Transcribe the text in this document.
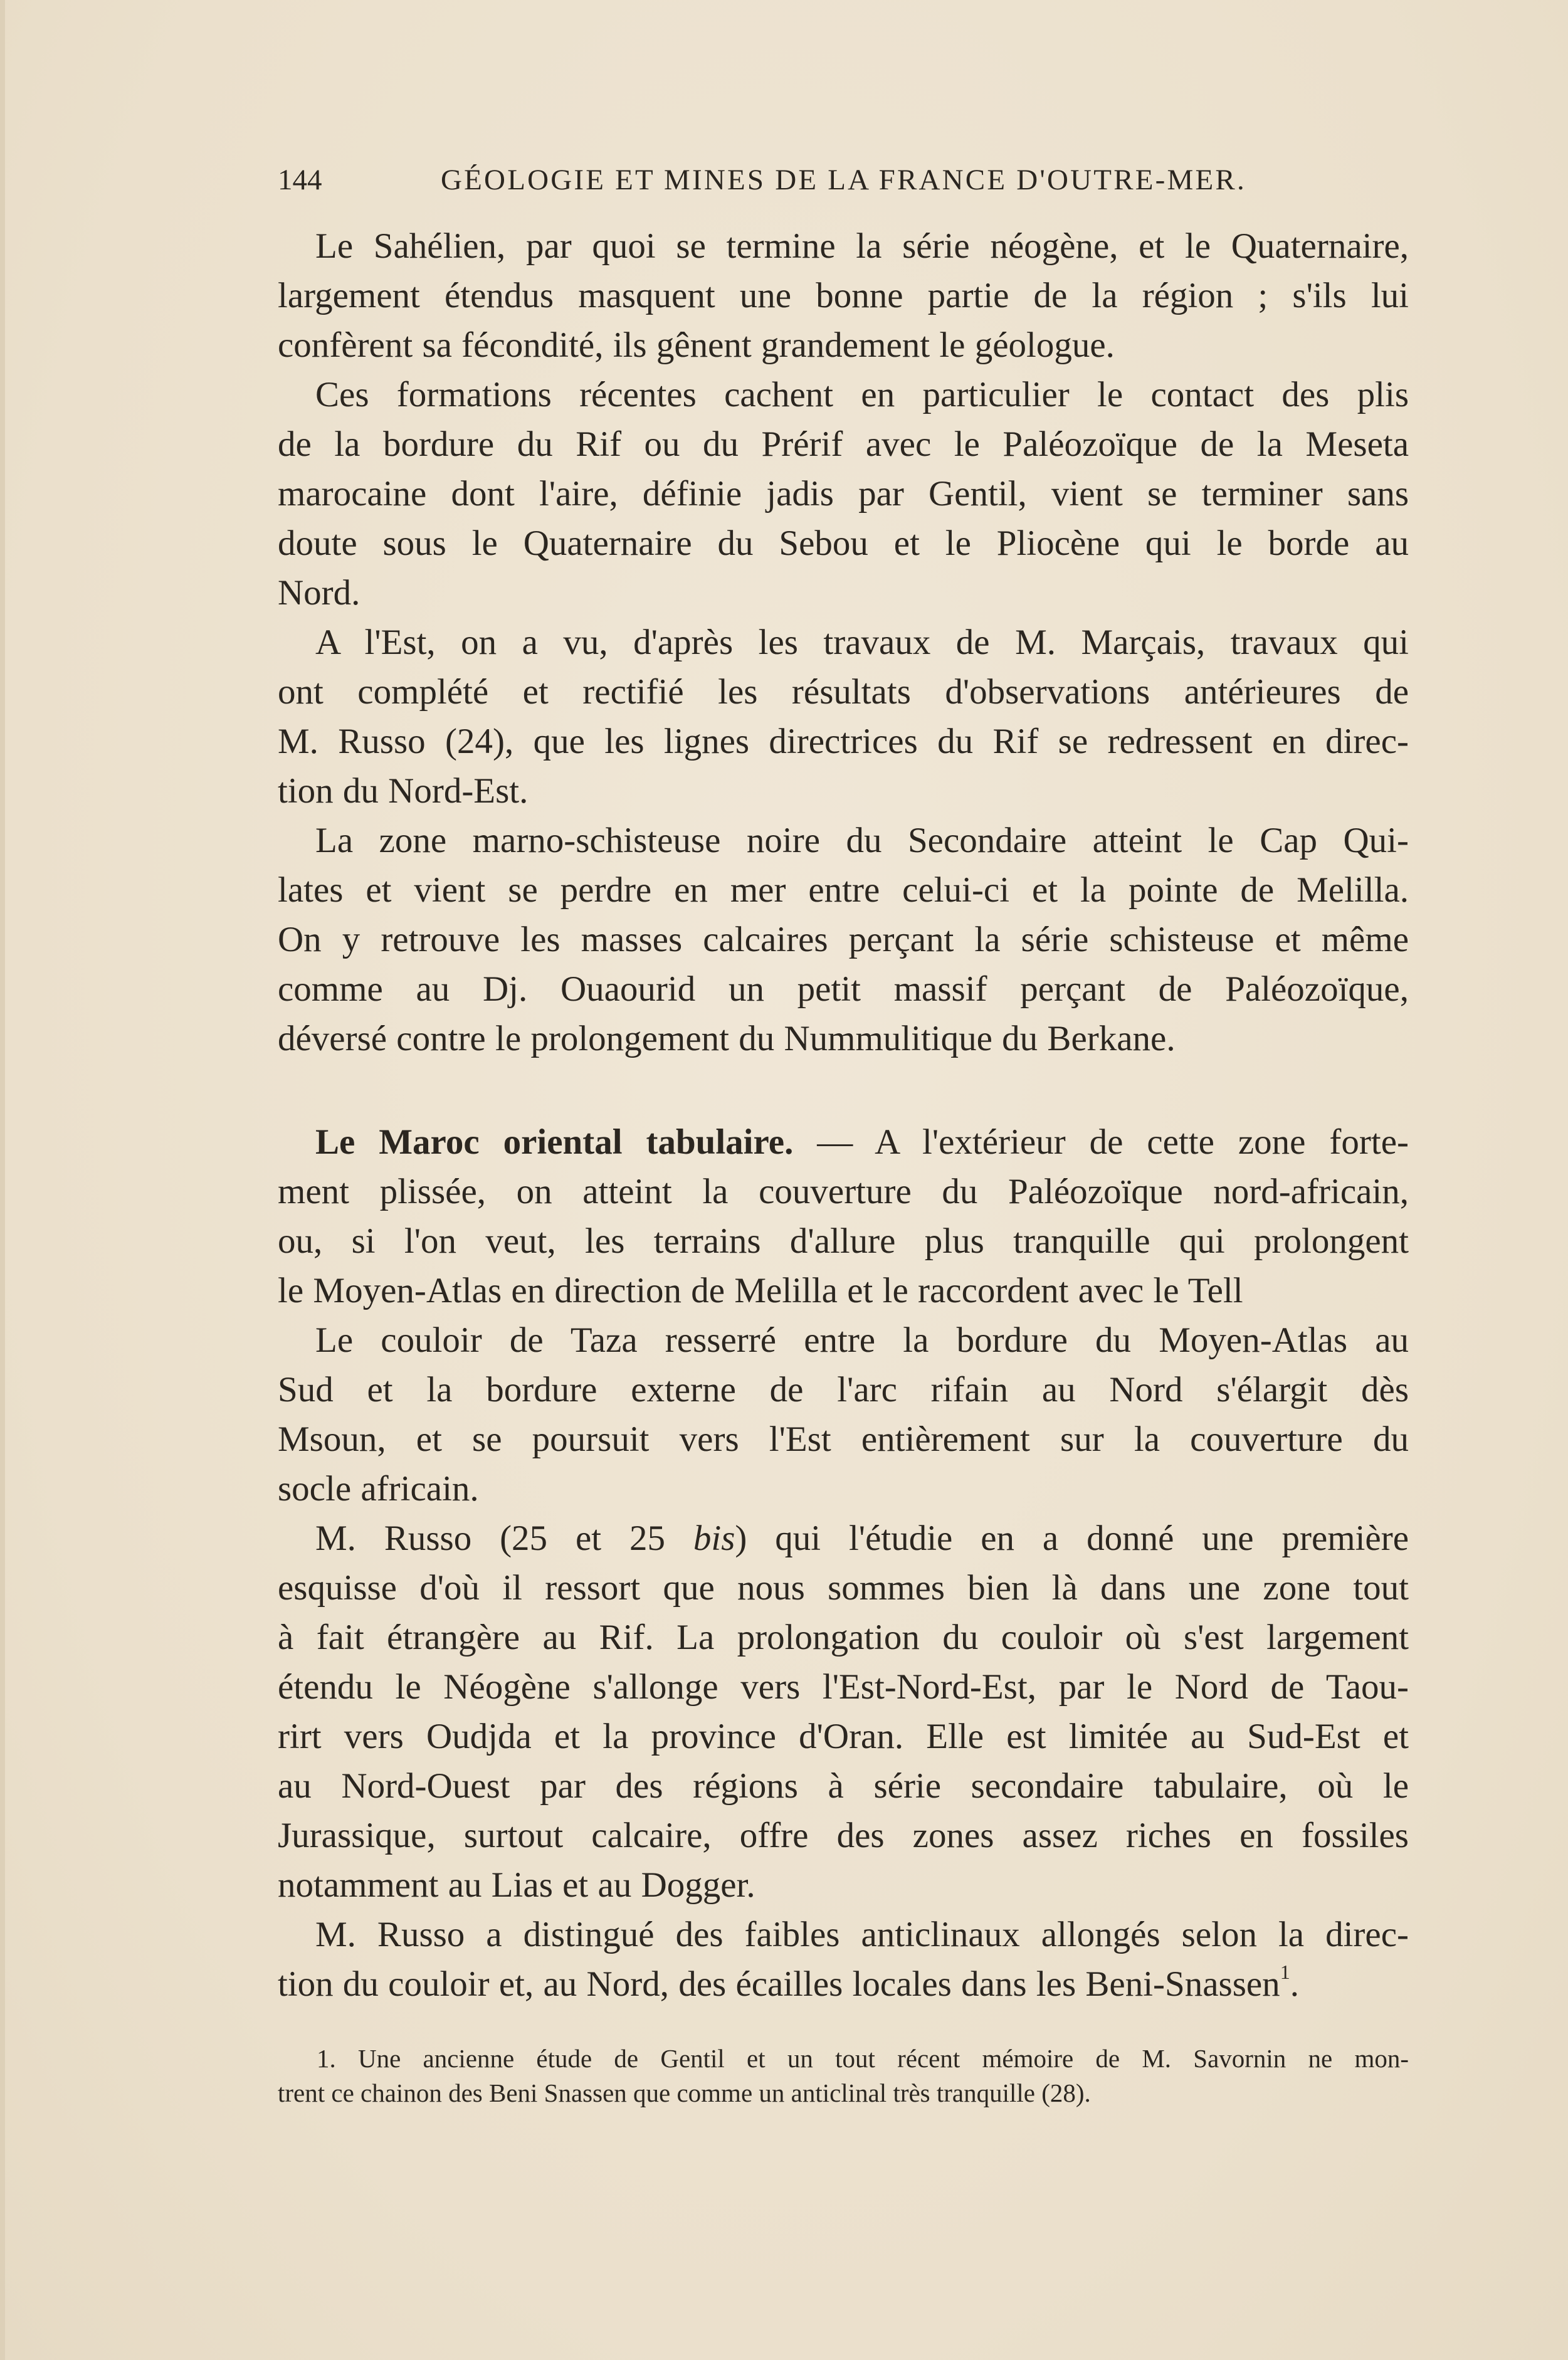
144	GÉOLOGIE ET MINES DE LA FRANCE D'OUTRE-MER.
Le Sahélien, par quoi se termine la série néogène, et le Quaternaire,
largement étendus masquent une bonne partie de la région ; s'ils lui
confèrent sa fécondité, ils gênent grandement le géologue.
Ces formations récentes cachent en particulier le contact des plis
de la bordure du Rif ou du Prérif avec le Paléozoïque de la Meseta
marocaine dont l'aire, définie jadis par Gentil, vient se terminer sans
doute sous le Quaternaire du Sebou et le Pliocène qui le borde au
Nord.
A l'Est, on a vu, d'après les travaux de M. Marçais, travaux qui
ont complété et rectifié les résultats d'observations antérieures de
M. Russo (24), que les lignes directrices du Rif se redressent en direc-
tion du Nord-Est.
La zone marno-schisteuse noire du Secondaire atteint le Cap Qui-
lates et vient se perdre en mer entre celui-ci et la pointe de Melilla.
On y retrouve les masses calcaires perçant la série schisteuse et même
comme au Dj. Ouaourid un petit massif perçant de Paléozoïque,
déversé contre le prolongement du Nummulitique du Berkane.
Le Maroc oriental tabulaire. — A l'extérieur de cette zone forte-
ment plissée, on atteint la couverture du Paléozoïque nord-africain,
ou, si l'on veut, les terrains d'allure plus tranquille qui prolongent
le Moyen-Atlas en direction de Melilla et le raccordent avec le Tell
Le couloir de Taza resserré entre la bordure du Moyen-Atlas au
Sud et la bordure externe de l'arc rifain au Nord s'élargit dès
Msoun, et se poursuit vers l'Est entièrement sur la couverture du
socle africain.
M. Russo (25 et 25 bis) qui l'étudie en a donné une première
esquisse d'où il ressort que nous sommes bien là dans une zone tout
à fait étrangère au Rif. La prolongation du couloir où s'est largement
étendu le Néogène s'allonge vers l'Est-Nord-Est, par le Nord de Taou-
rirt vers Oudjda et la province d'Oran. Elle est limitée au Sud-Est et
au Nord-Ouest par des régions à série secondaire tabulaire, où le
Jurassique, surtout calcaire, offre des zones assez riches en fossiles
notamment au Lias et au Dogger.
M. Russo a distingué des faibles anticlinaux allongés selon la direc-
tion du couloir et, au Nord, des écailles locales dans les Beni-Snassen$^1$.
1. Une ancienne étude de Gentil et un tout récent mémoire de M. Savornin ne mon-
trent ce chainon des Beni Snassen que comme un anticlinal très tranquille (28).
